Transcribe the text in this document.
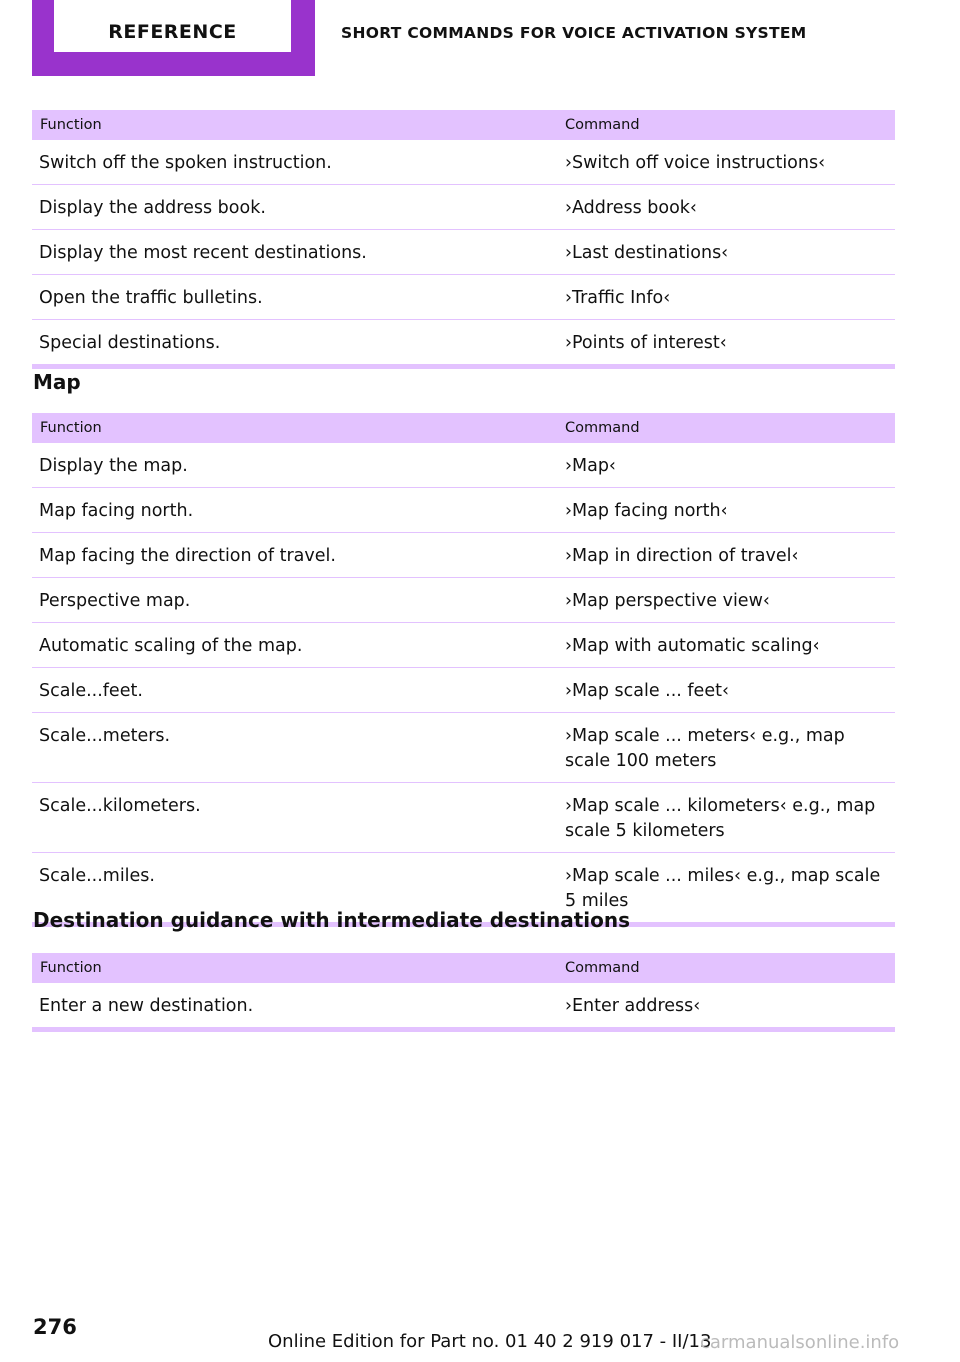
REFERENCE	SHORT COMMANDS FOR VOICE ACTIVATION SYSTEM
Function	Command
Switch off the spoken instruction.	›Switch off voice instructions‹
Display the address book.	›Address book‹
Display the most recent destinations.	›Last destinations‹
Open the traffic bulletins.	›Traffic Info‹
Special destinations.	›Points of interest‹
Map
Function	Command
Display the map.	›Map‹
Map facing north.	›Map facing north‹
Map facing the direction of travel.	›Map in direction of travel‹
Perspective map.	›Map perspective view‹
Automatic scaling of the map.	›Map with automatic scaling‹
Scale...feet.	›Map scale ... feet‹
Scale...meters.	›Map scale ... meters‹ e.g., map scale 100 meters
Scale...kilometers.	›Map scale ... kilometers‹ e.g., map scale 5 kilometers
Scale...miles.	›Map scale ... miles‹ e.g., map scale 5 miles
Destination guidance with intermediate destinations
Function	Command
Enter a new destination.	›Enter address‹
276
Online Edition for Part no. 01 40 2 919 017 - II/13
carmanualsonline.info
